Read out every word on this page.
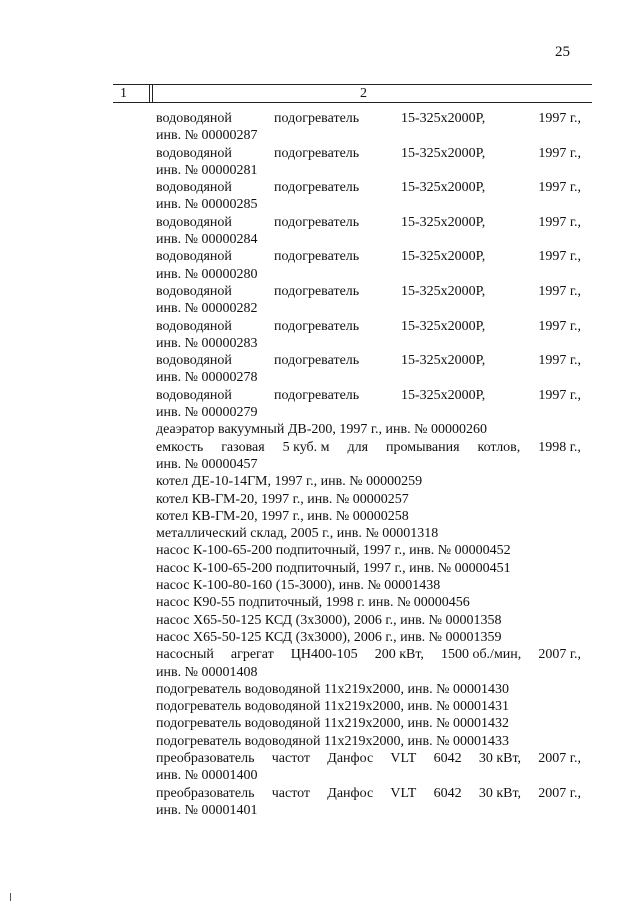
25
1	2
водоводяной	подогреватель	15-325х2000Р,	1997 г.,
инв. № 00000287
водоводяной	подогреватель	15-325х2000Р,	1997 г.,
инв. № 00000281
водоводяной	подогреватель	15-325х2000Р,	1997 г.,
инв. № 00000285
водоводяной	подогреватель	15-325х2000Р,	1997 г.,
инв. № 00000284
водоводяной	подогреватель	15-325х2000Р,	1997 г.,
инв. № 00000280
водоводяной	подогреватель	15-325х2000Р,	1997 г.,
инв. № 00000282
водоводяной	подогреватель	15-325х2000Р,	1997 г.,
инв. № 00000283
водоводяной	подогреватель	15-325х2000Р,	1997 г.,
инв. № 00000278
водоводяной	подогреватель	15-325х2000Р,	1997 г.,
инв. № 00000279
деаэратор вакуумный ДВ-200, 1997 г., инв. № 00000260
емкость газовая 5 куб. м для промывания котлов, 1998 г.,
инв. № 00000457
котел ДЕ-10-14ГМ, 1997 г., инв. № 00000259
котел КВ-ГМ-20, 1997 г., инв. № 00000257
котел КВ-ГМ-20, 1997 г., инв. № 00000258
металлический склад, 2005 г., инв. № 00001318
насос К-100-65-200 подпиточный, 1997 г., инв. № 00000452
насос К-100-65-200 подпиточный, 1997 г., инв. № 00000451
насос К-100-80-160 (15-3000), инв. № 00001438
насос К90-55 подпиточный, 1998 г. инв. № 00000456
насос Х65-50-125 КСД (3х3000), 2006 г., инв. № 00001358
насос Х65-50-125 КСД (3х3000), 2006 г., инв. № 00001359
насосный агрегат ЦН400-105 200 кВт, 1500 об./мин, 2007 г.,
инв. № 00001408
подогреватель водоводяной 11х219х2000, инв. № 00001430
подогреватель водоводяной 11х219х2000, инв. № 00001431
подогреватель водоводяной 11х219х2000, инв. № 00001432
подогреватель водоводяной 11х219х2000, инв. № 00001433
преобразователь частот Данфос VLT 6042 30 кВт, 2007 г.,
инв. № 00001400
преобразователь частот Данфос VLT 6042 30 кВт, 2007 г.,
инв. № 00001401
